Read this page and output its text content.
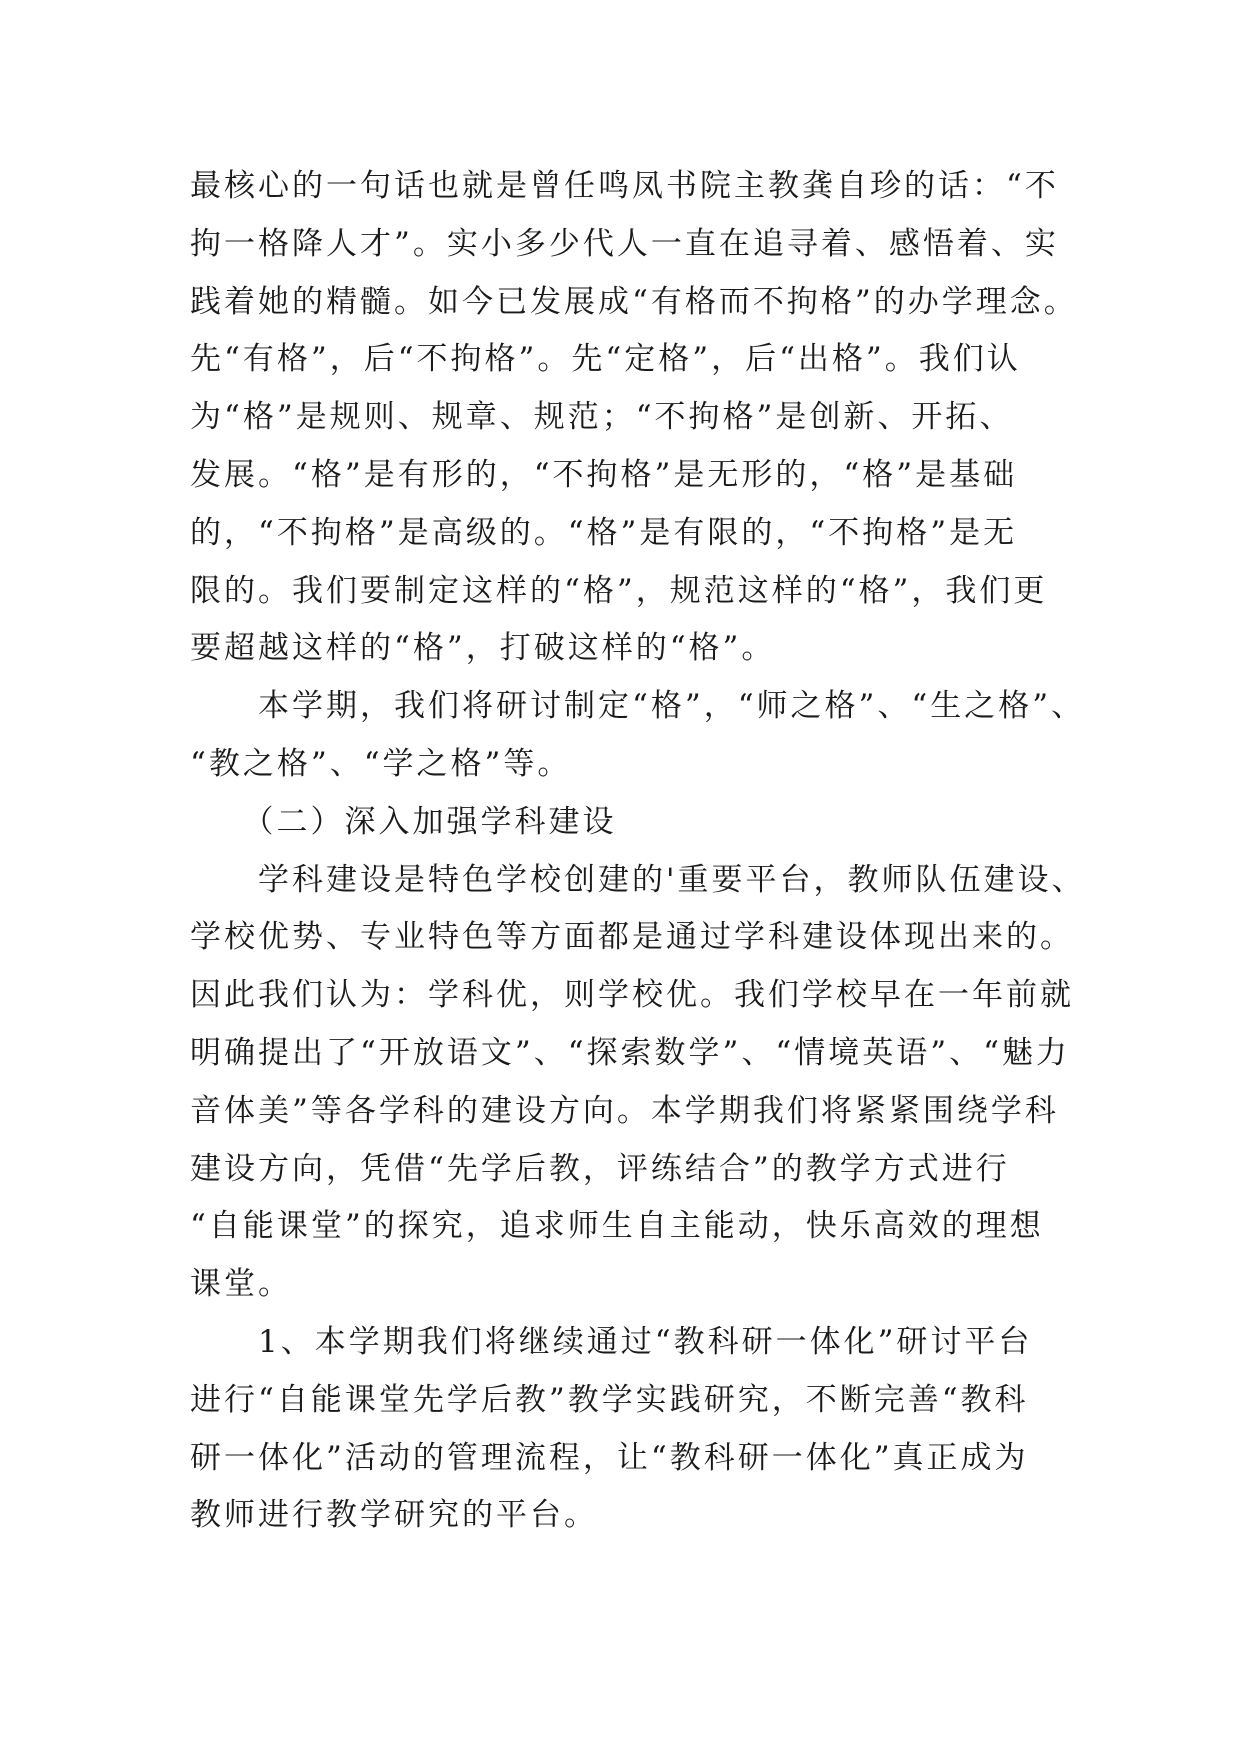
最核心的一句话也就是曾任鸣凤书院主教龚自珍的话：“不
拘一格降人才”。实小多少代人一直在追寻着、感悟着、实
践着她的精髓。如今已发展成“有格而不拘格”的办学理念。
先“有格”，后“不拘格”。先“定格”，后“出格”。我们认
为“格”是规则、规章、规范；“不拘格”是创新、开拓、
发展。“格”是有形的，“不拘格”是无形的，“格”是基础
的，“不拘格”是高级的。“格”是有限的，“不拘格”是无
限的。我们要制定这样的“格”，规范这样的“格”，我们更
要超越这样的“格”，打破这样的“格”。
　　本学期，我们将研讨制定“格”，“师之格”、“生之格”、
“教之格”、“学之格”等。
　　（二）深入加强学科建设
　　学科建设是特色学校创建的'重要平台，教师队伍建设、
学校优势、专业特色等方面都是通过学科建设体现出来的。
因此我们认为：学科优，则学校优。我们学校早在一年前就
明确提出了“开放语文”、“探索数学”、“情境英语”、“魅力
音体美”等各学科的建设方向。本学期我们将紧紧围绕学科
建设方向，凭借“先学后教，评练结合”的教学方式进行
“自能课堂”的探究，追求师生自主能动，快乐高效的理想
课堂。
　　1、本学期我们将继续通过“教科研一体化”研讨平台
进行“自能课堂先学后教”教学实践研究，不断完善“教科
研一体化”活动的管理流程，让“教科研一体化”真正成为
教师进行教学研究的平台。
